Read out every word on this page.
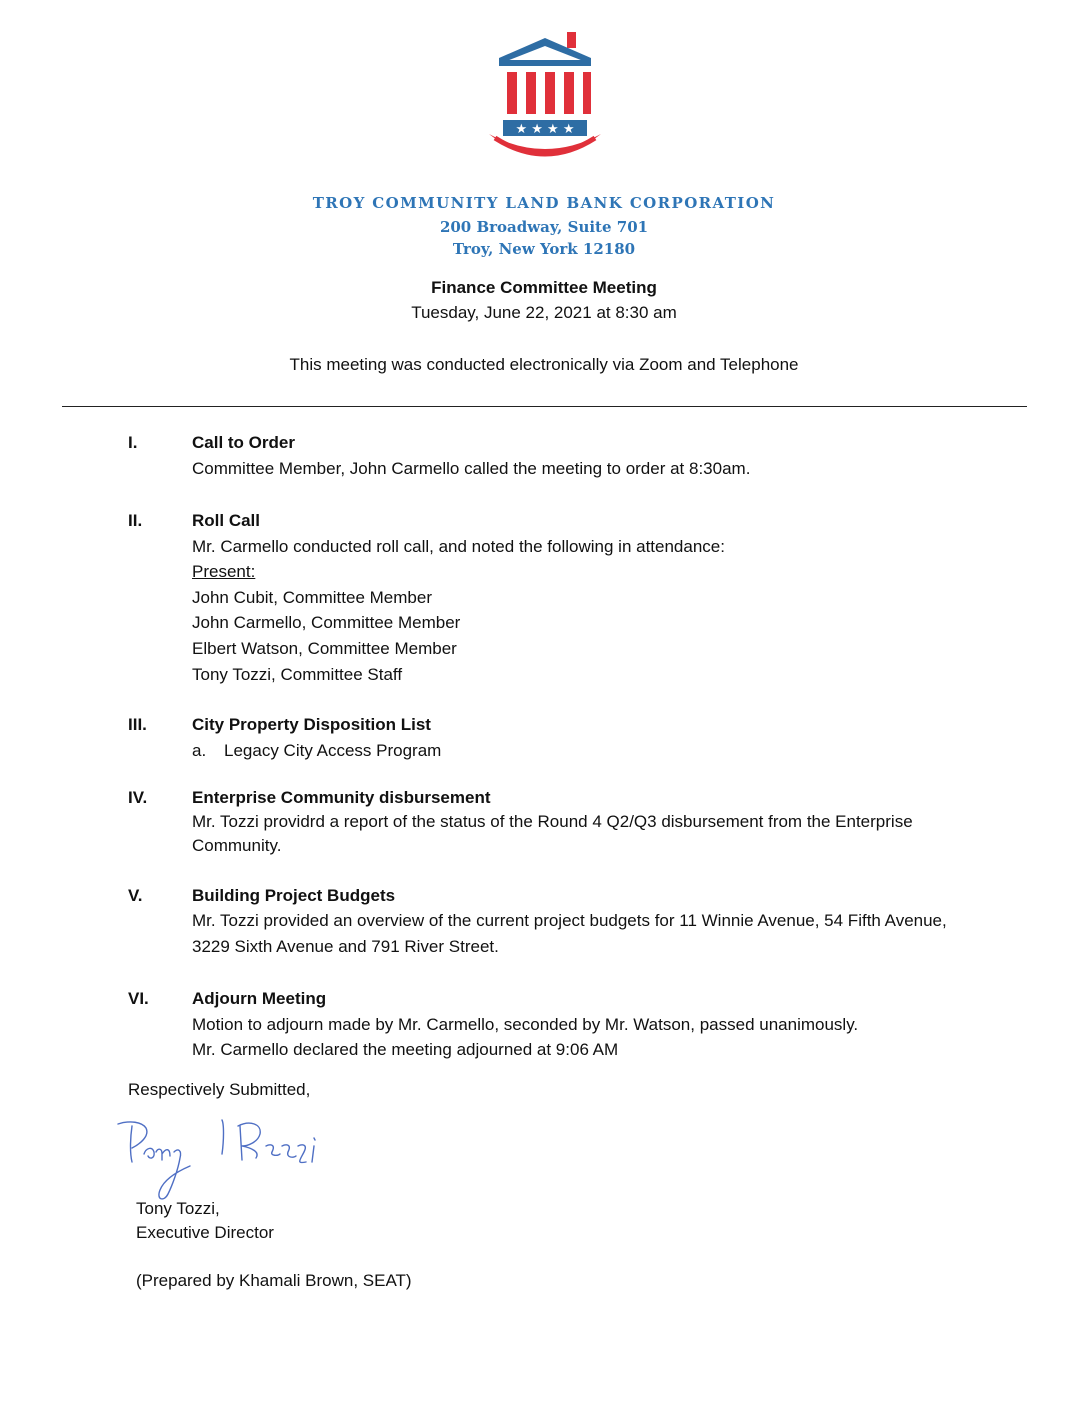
★ ★ ★ ★
TROY COMMUNITY LAND BANK CORPORATION
200 Broadway, Suite 701
Troy, New York 12180
Finance Committee Meeting
Tuesday, June 22, 2021 at 8:30 am
This meeting was conducted electronically via Zoom and Telephone
I.	Call to Order
Committee Member, John Carmello called the meeting to order at 8:30am.
II.	Roll Call
Mr. Carmello conducted roll call, and noted the following in attendance:
Present:
John Cubit, Committee Member
John Carmello, Committee Member
Elbert Watson, Committee Member
Tony Tozzi, Committee Staff
III.	City Property Disposition List
a. Legacy City Access Program
IV.	Enterprise Community disbursement
Mr. Tozzi providrd a report of the status of the Round 4 Q2/Q3 disbursement from the Enterprise
Community.
V.	Building Project Budgets
Mr. Tozzi provided an overview of the current project budgets for 11 Winnie Avenue, 54 Fifth Avenue,
3229 Sixth Avenue and 791 River Street.
VI.	Adjourn Meeting
Motion to adjourn made by Mr. Carmello, seconded by Mr. Watson, passed unanimously.
Mr. Carmello declared the meeting adjourned at 9:06 AM
Respectively Submitted,
Tony Tozzi,
Executive Director
(Prepared by Khamali Brown, SEAT)
